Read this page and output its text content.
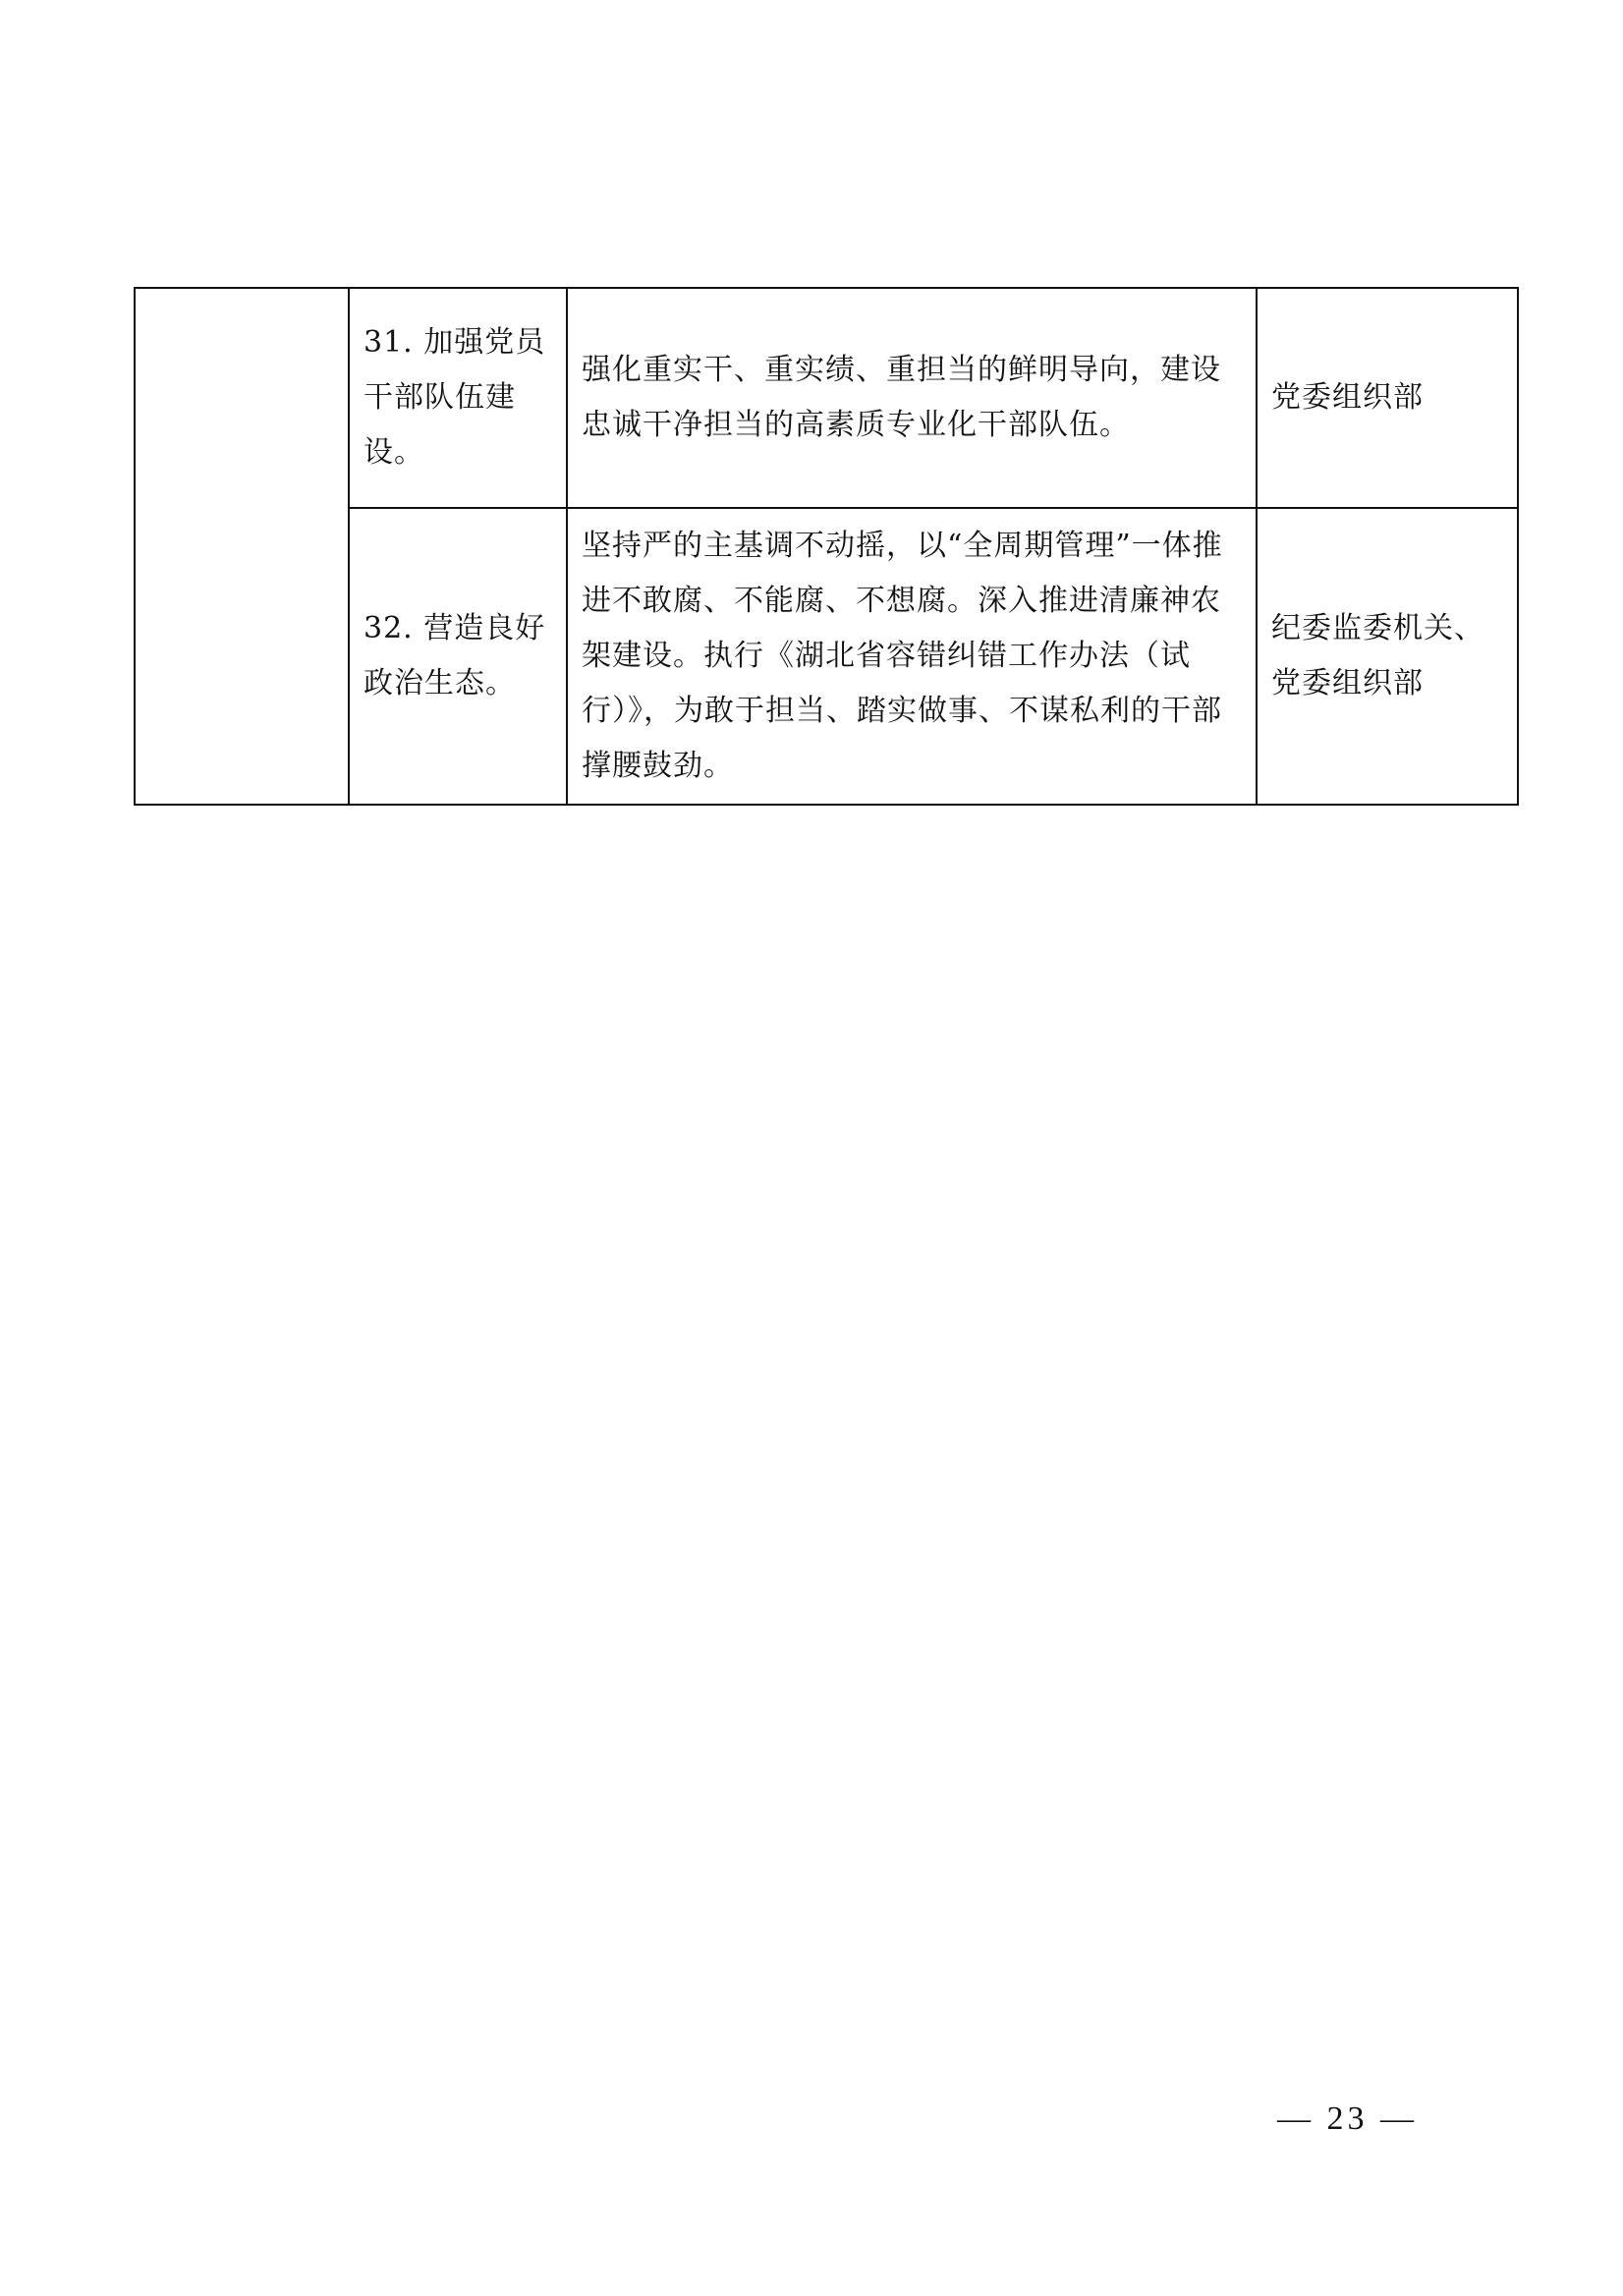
	31. 加强党员干部队伍建设。	强化重实干、重实绩、重担当的鲜明导向，建设忠诚干净担当的高素质专业化干部队伍。	党委组织部
	32. 营造良好政治生态。	坚持严的主基调不动摇，以“全周期管理”一体推进不敢腐、不能腐、不想腐。深入推进清廉神农架建设。执行《湖北省容错纠错工作办法（试行）》，为敢于担当、踏实做事、不谋私利的干部撑腰鼓劲。	纪委监委机关、党委组织部
— 23 —
